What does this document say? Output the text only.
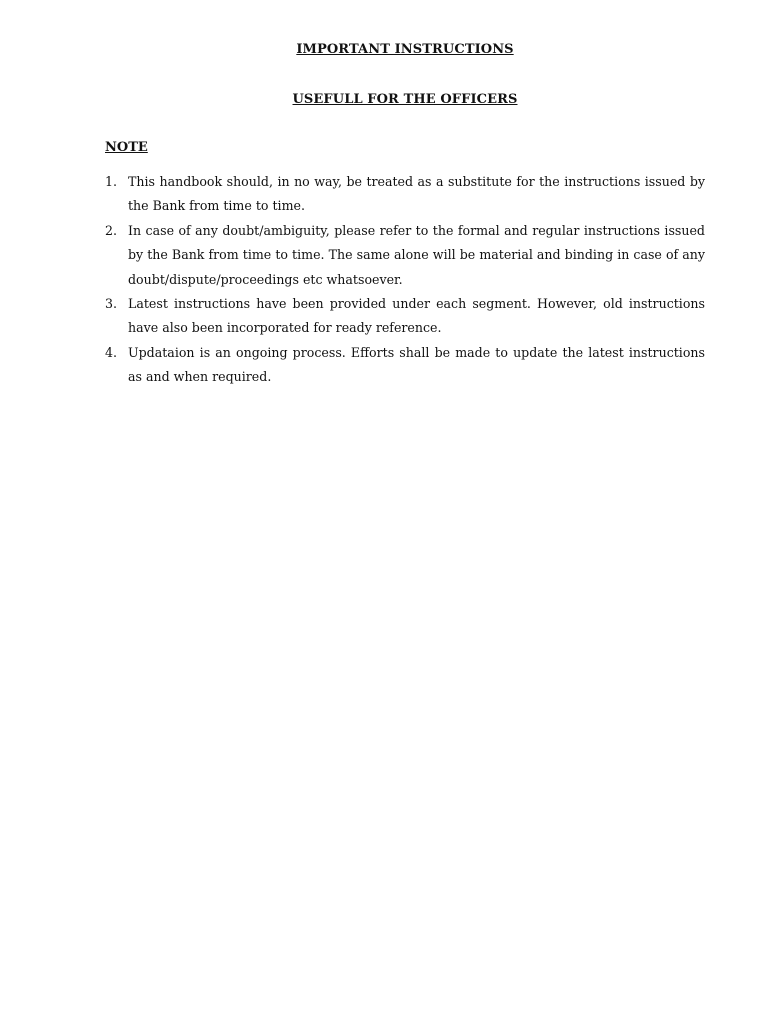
IMPORTANT INSTRUCTIONS
USEFULL FOR THE OFFICERS
NOTE
1. This handbook should, in no way, be treated as a substitute for the instructions issued by the Bank from time to time.
2. In case of any doubt/ambiguity, please refer to the formal and regular instructions issued by the Bank from time to time. The same alone will be material and binding in case of any doubt/dispute/proceedings etc whatsoever.
3. Latest instructions have been provided under each segment. However, old instructions have also been incorporated for ready reference.
4. Updataion is an ongoing process. Efforts shall be made to update the latest instructions as and when required.
